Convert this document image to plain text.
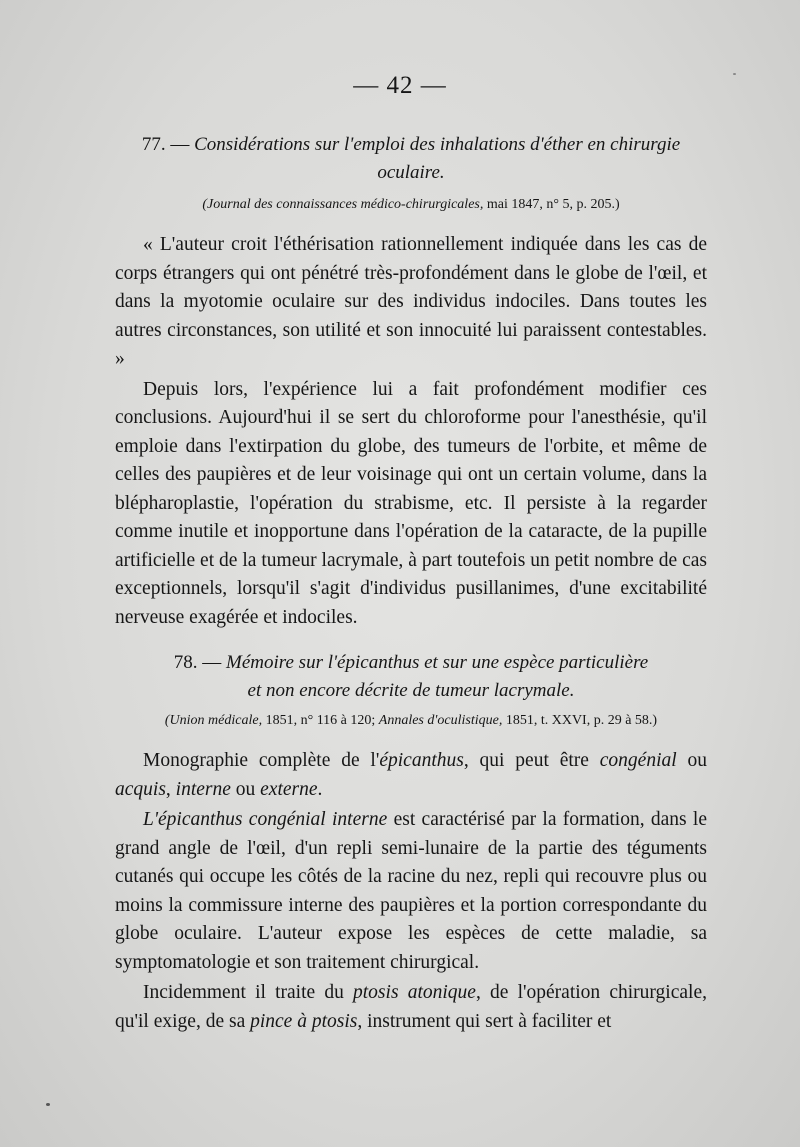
— 42 —
77. — Considérations sur l'emploi des inhalations d'éther en chirurgie
oculaire.
(Journal des connaissances médico-chirurgicales, mai 1847, n° 5, p. 205.)
« L'auteur croit l'éthérisation rationnellement indiquée dans les cas de corps étrangers qui ont pénétré très-profondément dans le globe de l'œil, et dans la myotomie oculaire sur des individus indociles. Dans toutes les autres circonstances, son utilité et son innocuité lui paraissent contestables. »
Depuis lors, l'expérience lui a fait profondément modifier ces conclusions. Aujourd'hui il se sert du chloroforme pour l'anesthésie, qu'il emploie dans l'extirpation du globe, des tumeurs de l'orbite, et même de celles des paupières et de leur voisinage qui ont un certain volume, dans la blépharoplastie, l'opération du strabisme, etc. Il persiste à la regarder comme inutile et inopportune dans l'opération de la cataracte, de la pupille artificielle et de la tumeur lacrymale, à part toutefois un petit nombre de cas exceptionnels, lorsqu'il s'agit d'individus pusillanimes, d'une excitabilité nerveuse exagérée et indociles.
78. — Mémoire sur l'épicanthus et sur une espèce particulière
et non encore décrite de tumeur lacrymale.
(Union médicale, 1851, n° 116 à 120; Annales d'oculistique, 1851, t. XXVI, p. 29 à 58.)
Monographie complète de l'épicanthus, qui peut être congénial ou acquis, interne ou externe.
L'épicanthus congénial interne est caractérisé par la formation, dans le grand angle de l'œil, d'un repli semi-lunaire de la partie des téguments cutanés qui occupe les côtés de la racine du nez, repli qui recouvre plus ou moins la commissure interne des paupières et la portion correspondante du globe oculaire. L'auteur expose les espèces de cette maladie, sa symptomatologie et son traitement chirurgical.
Incidemment il traite du ptosis atonique, de l'opération chirurgicale, qu'il exige, de sa pince à ptosis, instrument qui sert à faciliter et
